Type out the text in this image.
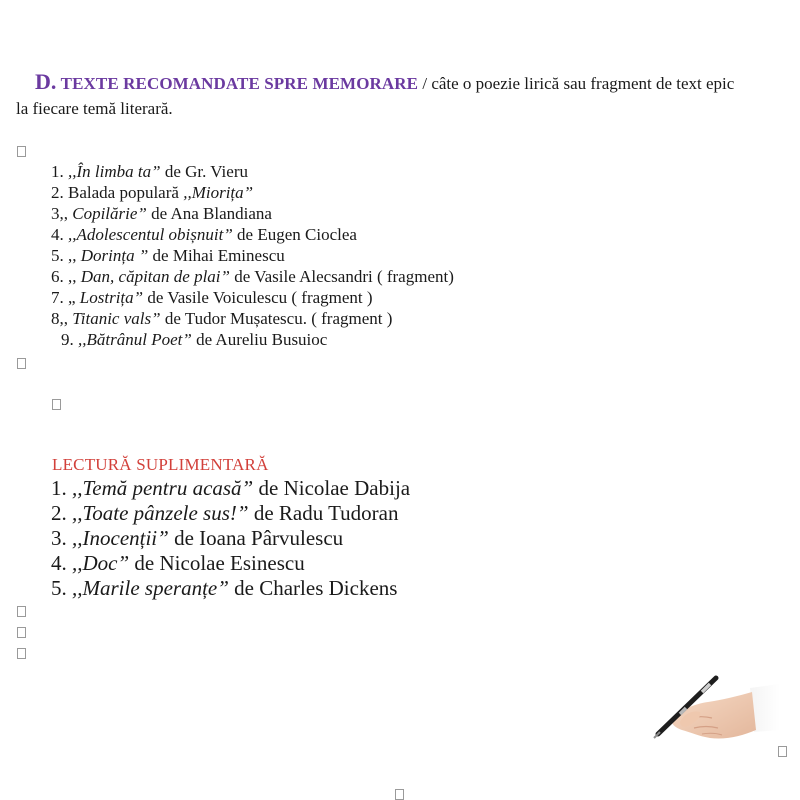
D. TEXTE RECOMANDATE SPRE MEMORARE / câte o poezie lirică sau fragment de text epic
la fiecare temă literară.
1. ,,În limba ta” de Gr. Vieru
2. Balada populară ,,Miorița”
3,, Copilărie” de Ana Blandiana
4. ,,Adolescentul obișnuit” de Eugen Cioclea
5. ,, Dorința ” de Mihai Eminescu
6. ,, Dan, căpitan de plai” de Vasile Alecsandri ( fragment)
7. „ Lostrița” de Vasile Voiculescu ( fragment )
8,, Titanic vals” de Tudor Mușatescu. ( fragment )
9. ,,Bătrânul Poet” de Aureliu Busuioc
LECTURĂ SUPLIMENTARĂ
1. ,,Temă pentru acasă” de Nicolae Dabija
2. ,,Toate pânzele sus!” de Radu Tudoran
3. ,,Inocenții” de Ioana Pârvulescu
4. ,,Doc” de Nicolae Esinescu
5. ,,Marile speranțe” de Charles Dickens
